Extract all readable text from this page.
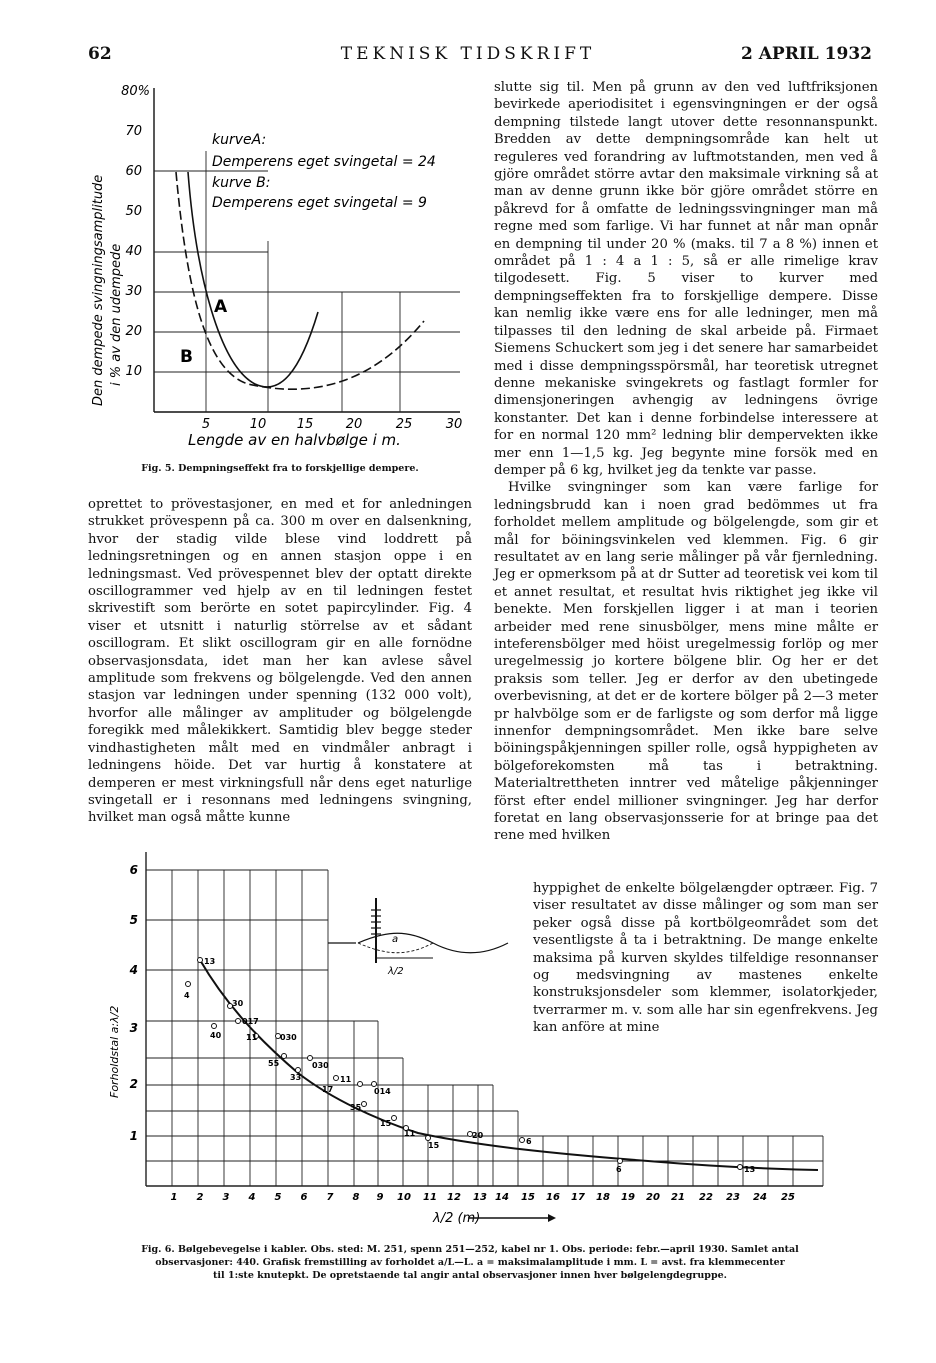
62	TEKNISK TIDSKRIFT	2 APRIL 1932
80%
70
60
50
40
30
20
10
Den dempede svingningsamplitude i % av den udempede
5	10 15 20	25	30
Lengde av en halvbølge i m.
kurveA:
Demperens eget svingetal = 24
kurve B:
Demperens eget svingetal = 9
A
B
Fig. 5. Dempningseffekt fra to forskjellige dempere.

oprettet to prövestasjoner, en med et for anledningen strukket prövespenn på ca. 300 m over en dalsenkning, hvor der stadig vilde blese vind loddrett på ledningsretningen og en annen stasjon oppe i en ledningsmast. Ved prövespennet blev der optatt direkte oscillogrammer ved hjelp av en til ledningen festet skrivestift som berörte en sotet papircylinder. Fig. 4 viser et utsnitt i naturlig störrelse av et sådant oscillogram. Et slikt oscillogram gir en alle fornödne observasjonsdata, idet man her kan avlese såvel amplitude som frekvens og bölgelengde. Ved den annen stasjon var ledningen under spenning (132 000 volt), hvorfor alle målinger av amplituder og bölgelengde foregikk med målekikkert. Samtidig blev begge steder vindhastigheten målt med en vindmåler anbragt i ledningens höide. Det var hurtig å konstatere at demperen er mest virkningsfull når dens eget naturlige svingetall er i resonnans med ledningens svingning, hvilket man også måtte kunne

slutte sig til. Men på grunn av den ved luftfriksjonen bevirkede aperiodisitet i egensvingningen er der også dempning tilstede langt utover dette resonnanspunkt. Bredden av dette dempningsområde kan helt ut reguleres ved forandring av luftmotstanden, men ved å gjöre området större avtar den maksimale virkning så at man av denne grunn ikke bör gjöre området större en påkrevd for å omfatte de ledningssvingninger man må regne med som farlige. Vi har funnet at når man opnår en dempning til under 20 % (maks. til 7 a 8 %) innen et området på 1 : 4 a 1 : 5, så er alle rimelige krav tilgodesett. Fig. 5 viser to kurver med dempningseffekten fra to forskjellige dempere. Disse kan nemlig ikke være ens for alle ledninger, men må tilpasses til den ledning de skal arbeide på. Firmaet Siemens Schuckert som jeg i det senere har samarbeidet med i disse dempningsspörsmål, har teoretisk utregnet denne mekaniske svingekrets og fastlagt formler for dimensjoneringen avhengig av ledningens övrige konstanter. Det kan i denne forbindelse interessere at for en normal 120 mm² ledning blir dempervekten ikke mer enn 1—1,5 kg. Jeg begynte mine forsök med en demper på 6 kg, hvilket jeg da tenkte var passe.

Hvilke svingninger som kan være farlige for ledningsbrudd kan i noen grad bedömmes ut fra forholdet mellem amplitude og bölgelengde, som gir et mål for böiningsvinkelen ved klemmen. Fig. 6 gir resultatet av en lang serie målinger på vår fjernledning. Jeg er opmerksom på at dr Sutter ad teoretisk vei kom til et annet resultat, et resultat hvis riktighet jeg ikke vil benekte. Men forskjellen ligger i at man i teorien arbeider med rene sinusbölger, mens mine målte er inteferensbölger med höist uregelmessig forlöp og mer uregelmessig jo kortere bölgene blir. Og her er det praksis som teller. Jeg er derfor av den ubetingede overbevisning, at det er de kortere bölger på 2—3 meter pr halvbölge som er de farligste og som derfor må ligge innenfor dempningsområdet. Men ikke bare selve böiningspåkjenningen spiller rolle, også hyppigheten av bölgeforekomsten må tas i betraktning. Materialtrettheten inntrer ved måtelige påkjenninger först efter endel millioner svingninger. Jeg har derfor foretat en lang observasjonsserie for at bringe paa det rene med hvilken

hyppighet de enkelte bölgelængder optræer. Fig. 7 viser resultatet av disse målinger og som man ser peker også disse på kortbölgeområdet som det vesentligste å ta i betraktning. De mange enkelte maksima på kurven skyldes tilfeldige resonnanser og medsvingning av mastenes enkelte konstruksjonsdeler som klemmer, isolatorkjeder, tverrarmer m. v. som alle har sin egenfrekvens. Jeg kan anföre at mine

6
5
4
3
2
1
Forholdstal a:λ/2
1 2 3 4 5 6 7 8 9 10 11 12 13 14 15 16 17 18 19 20 21 22 23 24 25
λ/2 (m)
a
λ/2
13
4
30
40
017
11	030
55
33
030
17
11
014
35
15
11
15
20
6
6	13
Fig. 6. Bølgebevegelse i kabler. Obs. sted: M. 251, spenn 251—252, kabel nr 1. Obs. periode: febr.—april 1930. Samlet antal
observasjoner: 440. Grafisk fremstilling av forholdet a/L—L. a = maksimalamplitude i mm. L = avst. fra klemmecenter
til 1:ste knutepkt. De opretstaende tal angir antal observasjoner innen hver bølgelengdegruppe.
